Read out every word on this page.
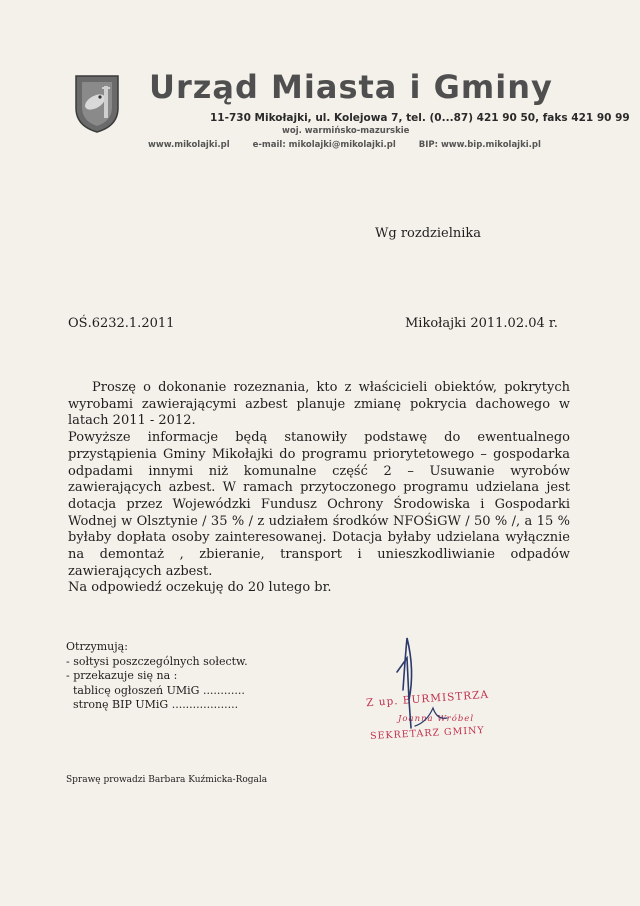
Urząd Miasta i Gminy
11-730 Mikołajki, ul. Kolejowa 7, tel. (0...87) 421 90 50, faks 421 90 99
woj. warmińsko-mazurskie
www.mikolajki.pl	e-mail: mikolajki@mikolajki.pl	BIP: www.bip.mikolajki.pl
Wg rozdzielnika
OŚ.6232.1.2011	Mikołajki 2011.02.04 r.

Proszę o dokonanie rozeznania, kto z właścicieli obiektów, pokrytych wyrobami zawierającymi azbest planuje zmianę pokrycia dachowego w latach 2011 - 2012.

Powyższe informacje będą stanowiły podstawę do ewentualnego przystąpienia Gminy Mikołajki do programu priorytetowego – gospodarka odpadami innymi niż komunalne część 2 – Usuwanie wyrobów zawierających azbest. W ramach przytoczonego programu udzielana jest dotacja przez Wojewódzki Fundusz Ochrony Środowiska i Gospodarki Wodnej w Olsztynie / 35 % / z udziałem środków NFOŚiGW / 50 % /, a 15 % byłaby dopłata osoby zainteresowanej. Dotacja byłaby udzielana wyłącznie na demontaż , zbieranie, transport i unieszkodliwianie odpadów zawierających azbest.

Na odpowiedź oczekuję do 20 lutego br.

Otrzymują:
- sołtysi poszczególnych sołectw.
- przekazuje się na :
tablicę ogłoszeń UMiG ............
stronę BIP UMiG ...................	Z up. BURMISTRZA
Joanna Wróbel
SEKRETARZ GMINY
Sprawę prowadzi Barbara Kuźmicka-Rogala
